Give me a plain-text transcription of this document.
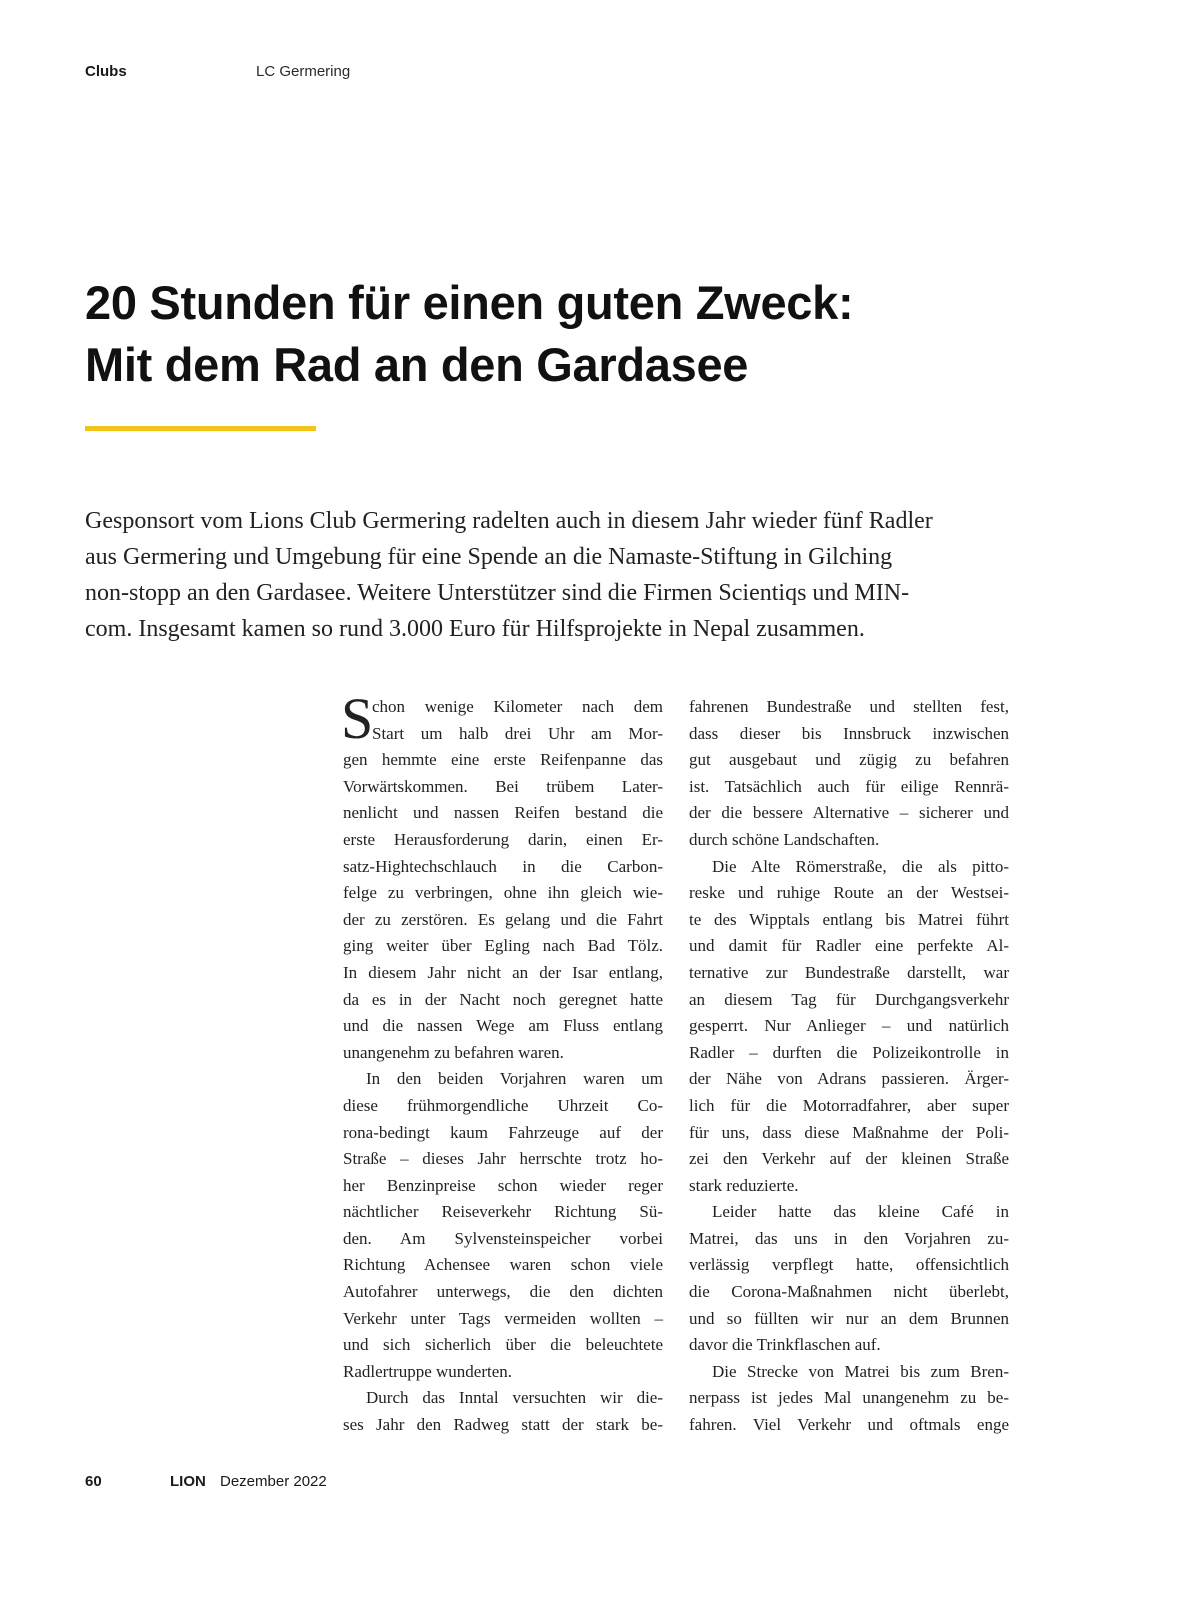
Clubs	LC Germering
20 Stunden für einen guten Zweck:
Mit dem Rad an den Gardasee

Gesponsort vom Lions Club Germering radelten auch in diesem Jahr wieder fünf Radler
aus Germering und Umgebung für eine Spende an die Namaste-Stiftung in Gilching
non-stopp an den Gardasee. Weitere Unterstützer sind die Firmen Scientiqs und MIN-
com. Insgesamt kamen so rund 3.000 Euro für Hilfsprojekte in Nepal zusammen.

S
chon wenige Kilometer nach dem
Start um halb drei Uhr am Mor-
gen hemmte eine erste Reifenpanne das
Vorwärtskommen. Bei trübem Later-
nenlicht und nassen Reifen bestand die
erste Herausforderung darin, einen Er-
satz-Hightechschlauch in die Carbon-
felge zu verbringen, ohne ihn gleich wie-
der zu zerstören. Es gelang und die Fahrt
ging weiter über Egling nach Bad Tölz.
In diesem Jahr nicht an der Isar entlang,
da es in der Nacht noch geregnet hatte
und die nassen Wege am Fluss entlang
unangenehm zu befahren waren.
In den beiden Vorjahren waren um
diese frühmorgendliche Uhrzeit Co-
rona-bedingt kaum Fahrzeuge auf der
Straße – dieses Jahr herrschte trotz ho-
her Benzinpreise schon wieder reger
nächtlicher Reiseverkehr Richtung Sü-
den. Am Sylvensteinspeicher vorbei
Richtung Achensee waren schon viele
Autofahrer unterwegs, die den dichten
Verkehr unter Tags vermeiden wollten –
und sich sicherlich über die beleuchtete
Radlertruppe wunderten.
Durch das Inntal versuchten wir die-
ses Jahr den Radweg statt der stark be-
fahrenen Bundestraße und stellten fest,
dass dieser bis Innsbruck inzwischen
gut ausgebaut und zügig zu befahren
ist. Tatsächlich auch für eilige Rennrä-
der die bessere Alternative – sicherer und
durch schöne Landschaften.
Die Alte Römerstraße, die als pitto-
reske und ruhige Route an der Westsei-
te des Wipptals entlang bis Matrei führt
und damit für Radler eine perfekte Al-
ternative zur Bundestraße darstellt, war
an diesem Tag für Durchgangsverkehr
gesperrt. Nur Anlieger – und natürlich
Radler – durften die Polizeikontrolle in
der Nähe von Adrans passieren. Ärger-
lich für die Motorradfahrer, aber super
für uns, dass diese Maßnahme der Poli-
zei den Verkehr auf der kleinen Straße
stark reduzierte.
Leider hatte das kleine Café in
Matrei, das uns in den Vorjahren zu-
verlässig verpflegt hatte, offensichtlich
die Corona-Maßnahmen nicht überlebt,
und so füllten wir nur an dem Brunnen
davor die Trinkflaschen auf.
Die Strecke von Matrei bis zum Bren-
nerpass ist jedes Mal unangenehm zu be-
fahren. Viel Verkehr und oftmals enge
60	LION Dezember 2022
